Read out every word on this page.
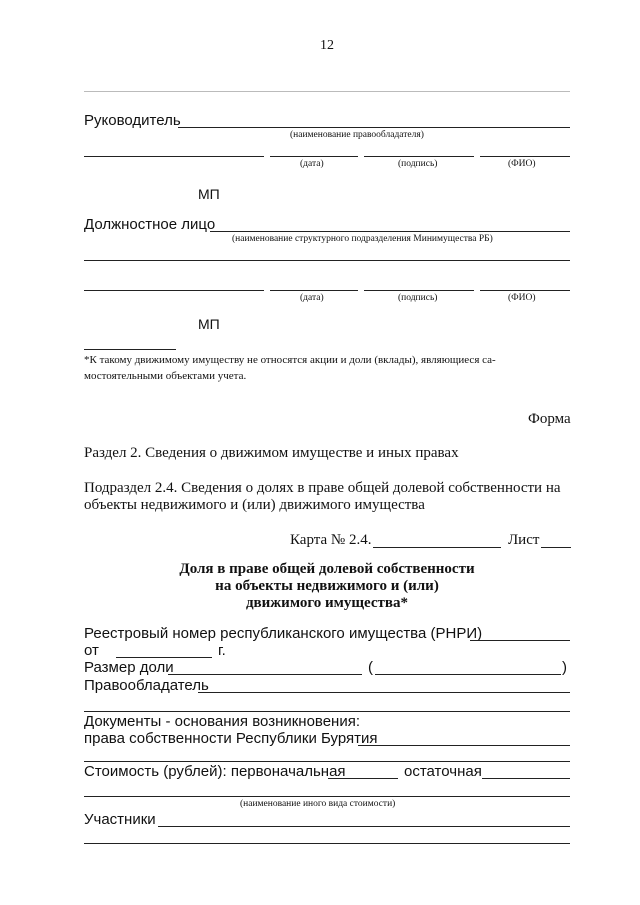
12
Руководитель
(наименование правообладателя)
(дата)	(подпись)	(ФИО)
МП
Должностное лицо
(наименование структурного подразделения Минимущества РБ)
(дата)	(подпись)	(ФИО)
МП
*К такому движимому имуществу не относятся акции и доли (вклады), являющиеся са-
мостоятельными объектами учета.
Форма
Раздел 2. Сведения о движимом имуществе и иных правах
Подраздел 2.4. Сведения о долях в праве общей долевой собственности на
объекты недвижимого и (или) движимого имущества
Карта № 2.4.	Лист
Доля в праве общей долевой собственности
на объекты недвижимого и (или)
движимого имущества*
Реестровый номер республиканского имущества (РНРИ)
от	г.
Размер доли	(	)
Правообладатель
Документы - основания возникновения:
права собственности Республики Бурятия
Стоимость (рублей): первоначальная	остаточная
(наименование иного вида стоимости)
Участники
